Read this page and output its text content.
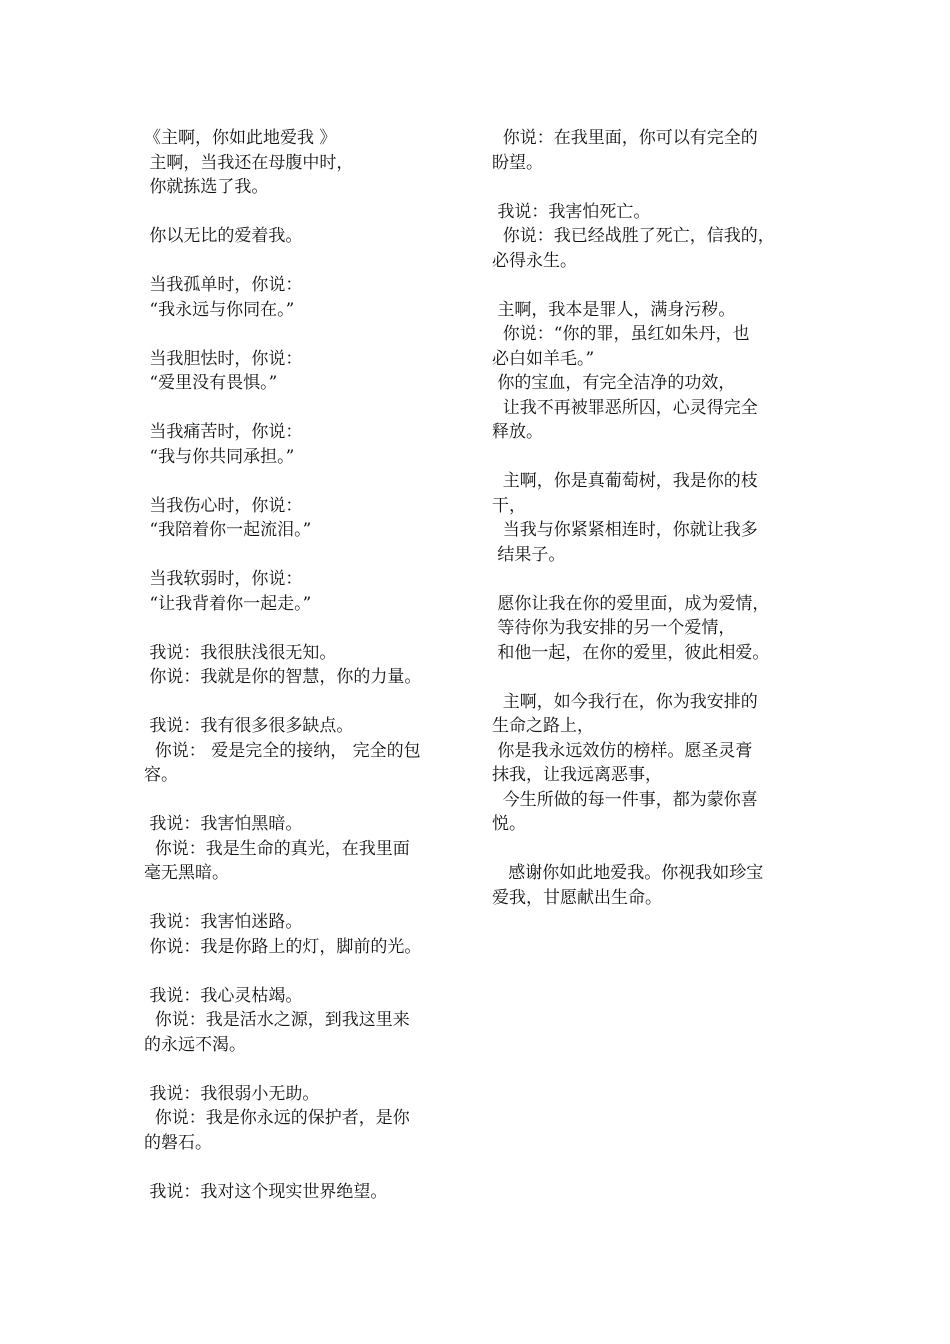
《主啊，你如此地爱我 》
主啊，当我还在母腹中时，
你就拣选了我。
你以无比的爱着我。
当我孤单时，你说：
“我永远与你同在。”
当我胆怯时，你说：
“爱里没有畏惧。”
当我痛苦时，你说：
“我与你共同承担。”
当我伤心时，你说：
“我陪着你一起流泪。”
当我软弱时，你说：
“让我背着你一起走。”
我说：我很肤浅很无知。
你说：我就是你的智慧，你的力量。
我说：我有很多很多缺点。
你说： 爱是完全的接纳， 完全的包
容。
我说：我害怕黑暗。
你说：我是生命的真光，在我里面
毫无黑暗。
我说：我害怕迷路。
你说：我是你路上的灯，脚前的光。
我说：我心灵枯竭。
你说：我是活水之源，到我这里来
的永远不渴。
我说：我很弱小无助。
你说：我是你永远的保护者，是你
的磐石。
我说：我对这个现实世界绝望。
你说：在我里面，你可以有完全的
盼望。
我说：我害怕死亡。
你说：我已经战胜了死亡，信我的，
必得永生。
主啊，我本是罪人，满身污秽。
你说：“你的罪，虽红如朱丹，也
必白如羊毛。”
你的宝血，有完全洁净的功效，
让我不再被罪恶所囚，心灵得完全
释放。
主啊，你是真葡萄树，我是你的枝
干，
当我与你紧紧相连时，你就让我多
结果子。
愿你让我在你的爱里面，成为爱情，
等待你为我安排的另一个爱情，
和他一起，在你的爱里，彼此相爱。
主啊，如今我行在，你为我安排的
生命之路上，
你是我永远效仿的榜样。愿圣灵膏
抹我，让我远离恶事，
今生所做的每一件事，都为蒙你喜
悦。
感谢你如此地爱我。你视我如珍宝
爱我，甘愿献出生命。
